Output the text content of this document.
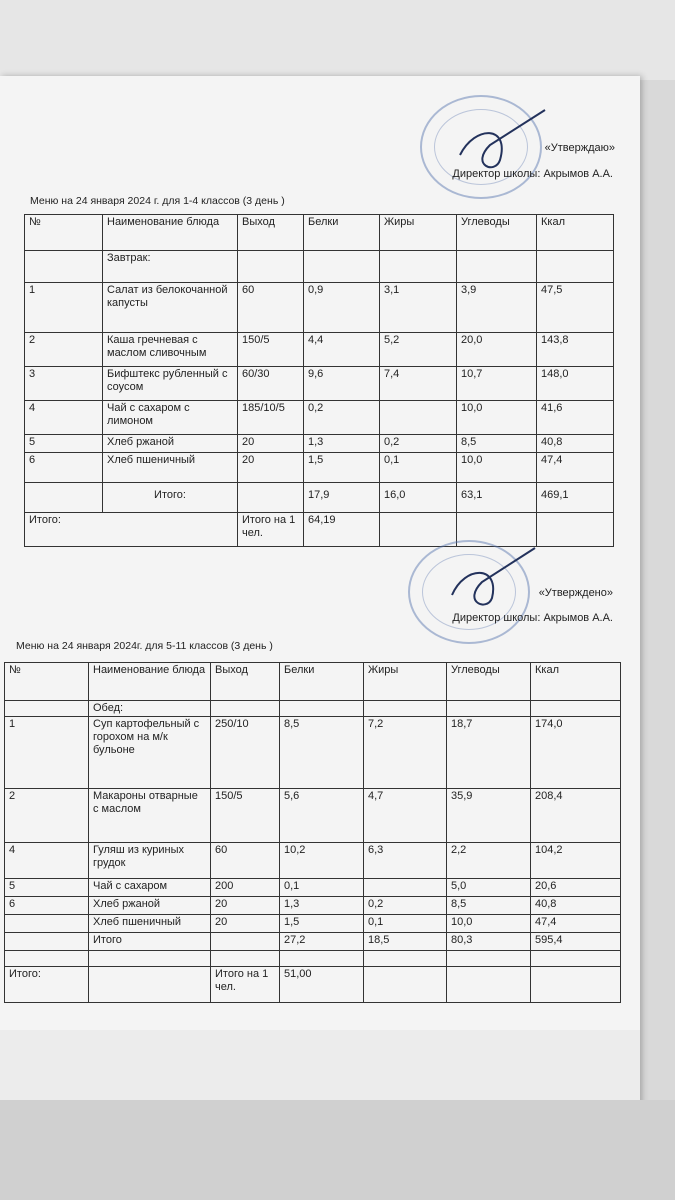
«Утверждаю»
Директор школы: Акрымов А.А.
Меню на 24 января 2024 г. для 1-4 классов (3 день )
№	Наименование блюда	Выход	Белки	Жиры	Углеводы	Ккал
	Завтрак:					
1	Салат из белокочанной капусты	60	0,9	3,1	3,9	47,5
2	Каша гречневая с маслом сливочным	150/5	4,4	5,2	20,0	143,8
3	Бифштекс рубленный с соусом	60/30	9,6	7,4	10,7	148,0
4	Чай с сахаром с лимоном	185/10/5	0,2		10,0	41,6
5	Хлеб ржаной	20	1,3	0,2	8,5	40,8
6	Хлеб пшеничный	20	1,5	0,1	10,0	47,4
	Итого:		17,9	16,0	63,1	469,1
Итого:		Итого на 1 чел.	64,19			
«Утверждено»
Директор школы: Акрымов А.А.
Меню на 24 января 2024г. для 5-11 классов (3 день )
№	Наименование блюда	Выход	Белки	Жиры	Углеводы	Ккал
	Обед:					
1	Суп картофельный с горохом на м/к бульоне	250/10	8,5	7,2	18,7	174,0
2	Макароны отварные с маслом	150/5	5,6	4,7	35,9	208,4
4	Гуляш из куриных грудок	60	10,2	6,3	2,2	104,2
5	Чай с сахаром	200	0,1		5,0	20,6
6	Хлеб ржаной	20	1,3	0,2	8,5	40,8
	Хлеб пшеничный	20	1,5	0,1	10,0	47,4
	Итого		27,2	18,5	80,3	595,4

Итого:		Итого на 1 чел.	51,00			
